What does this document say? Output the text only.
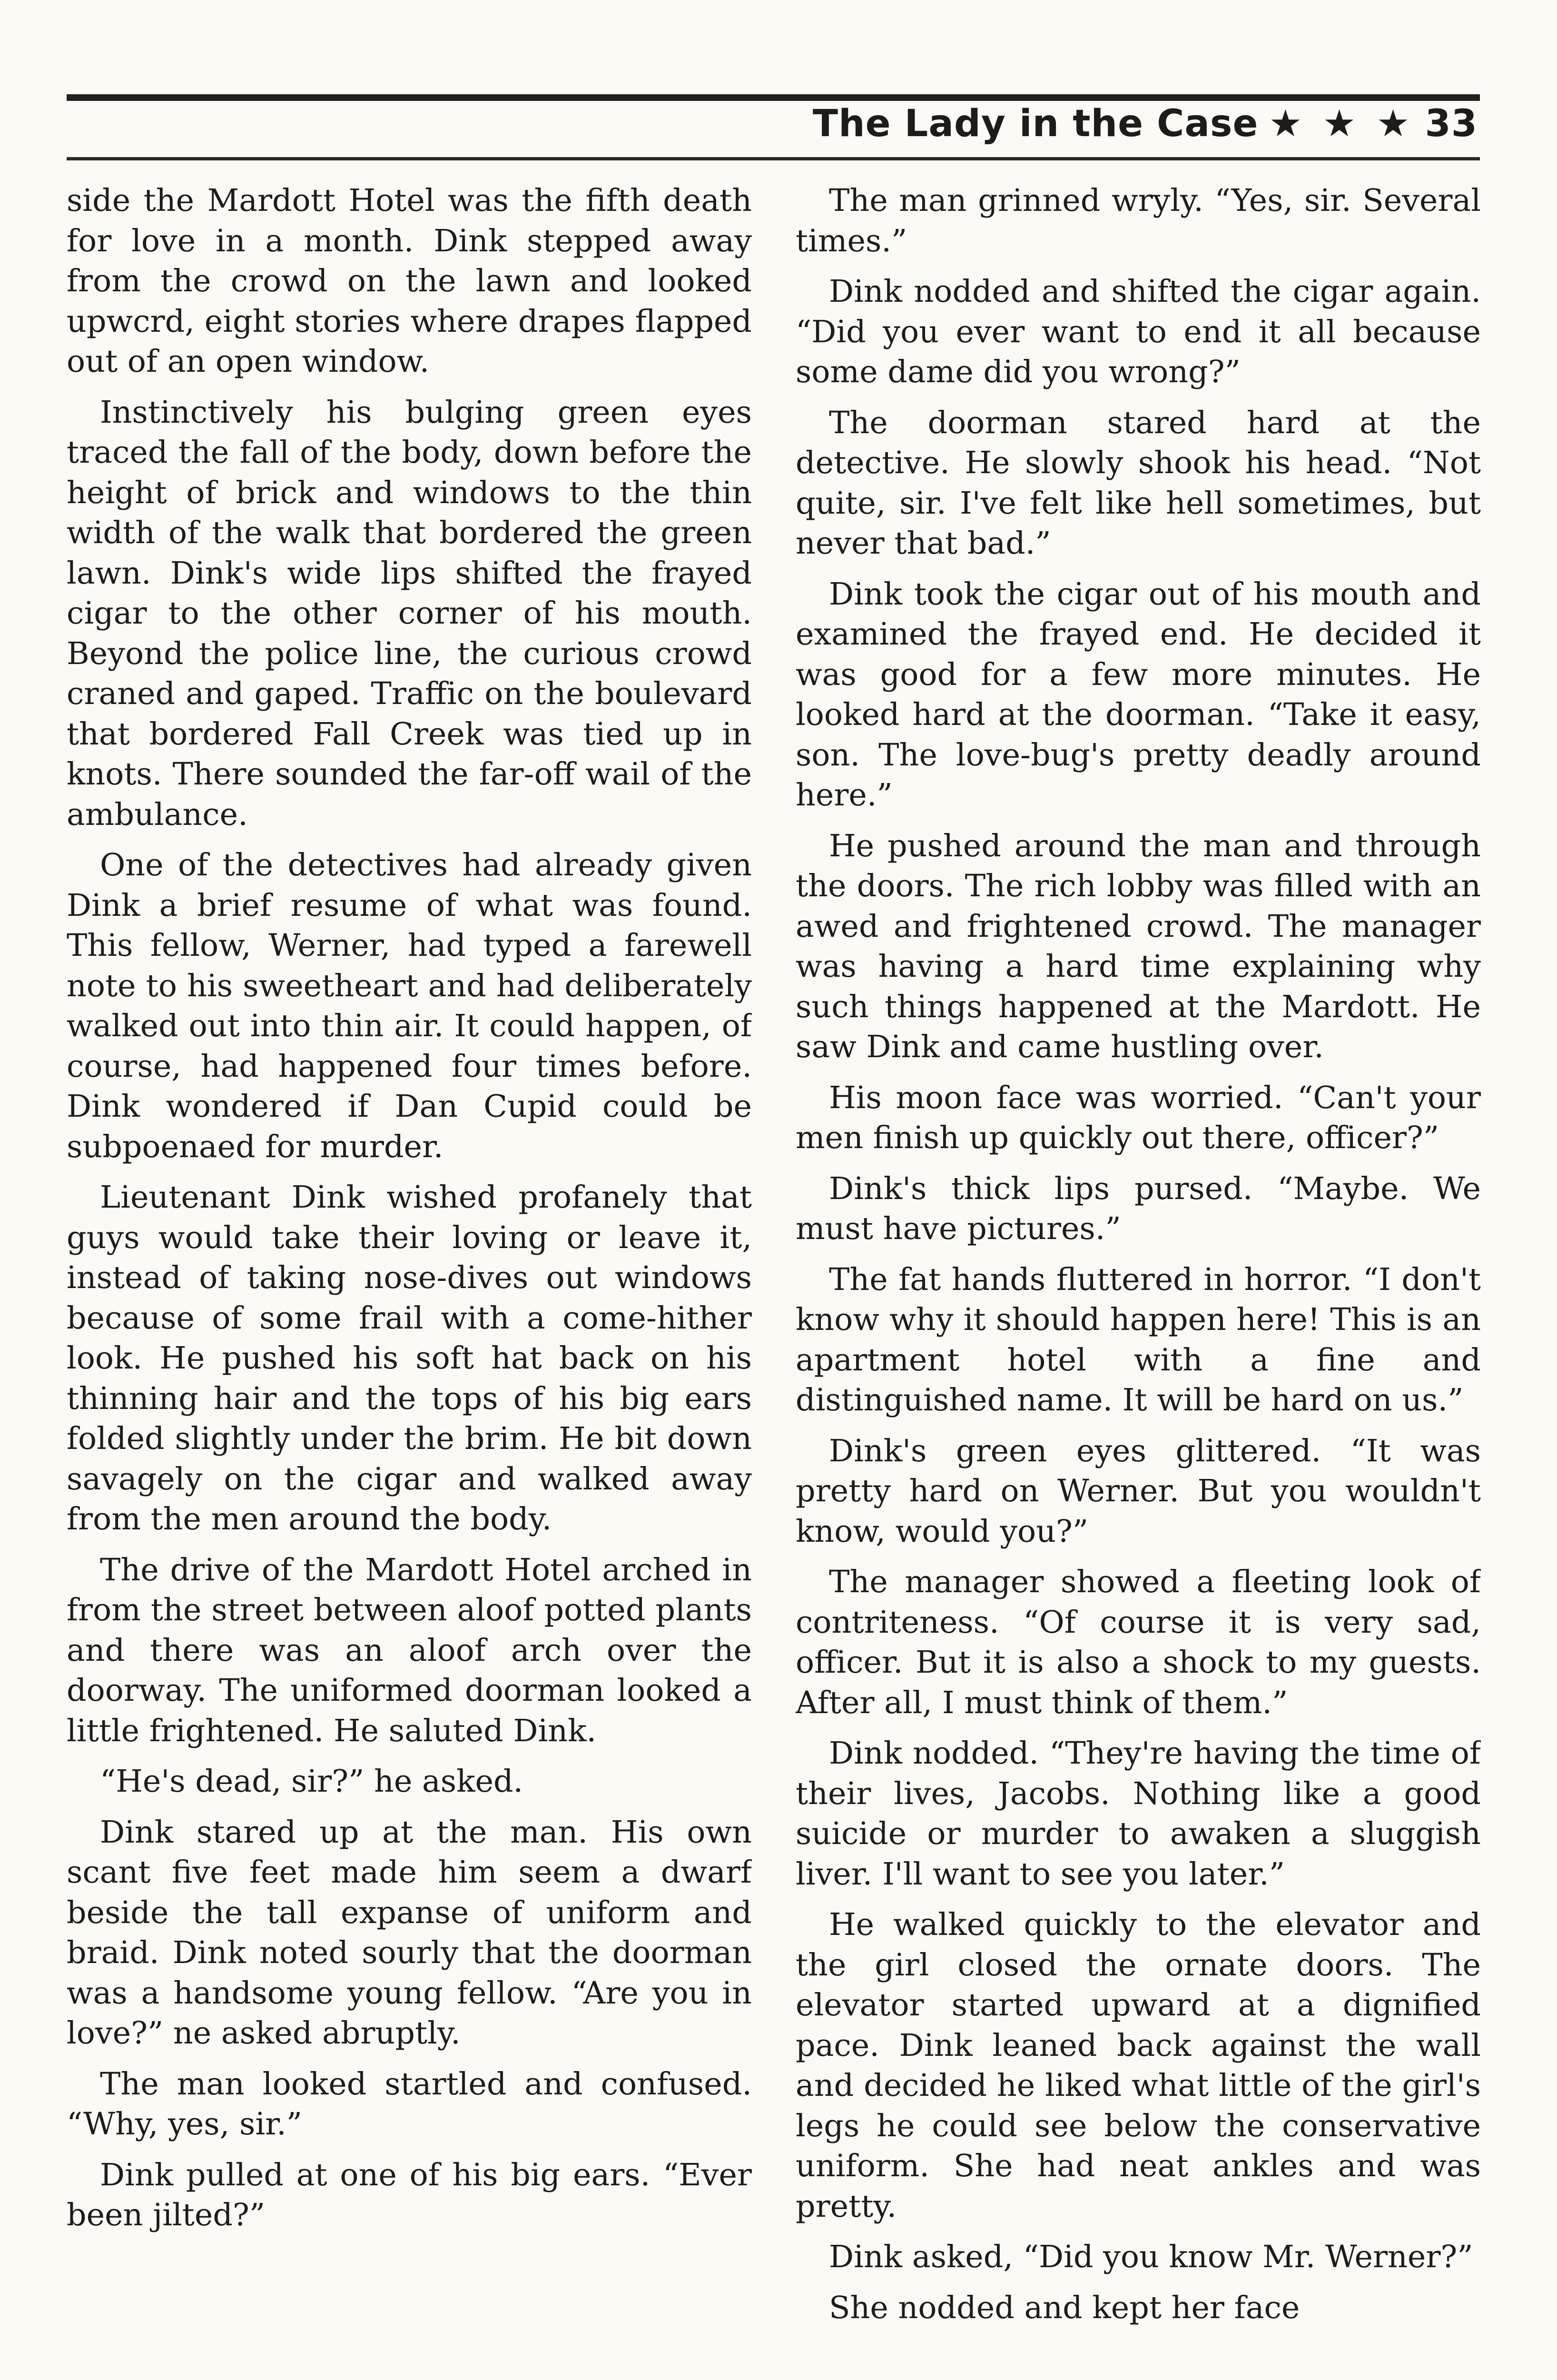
The Lady in the Case ★ ★ ★ 33

side the Mardott Hotel was the fifth death for love in a month. Dink stepped away from the crowd on the lawn and looked upwcrd, eight stories where drapes flapped out of an open window.

Instinctively his bulging green eyes traced the fall of the body, down before the height of brick and windows to the thin width of the walk that bordered the green lawn. Dink's wide lips shifted the frayed cigar to the other corner of his mouth. Beyond the police line, the curious crowd craned and gaped. Traffic on the boulevard that bordered Fall Creek was tied up in knots. There sounded the far-off wail of the ambulance.

One of the detectives had already given Dink a brief resume of what was found. This fellow, Werner, had typed a farewell note to his sweetheart and had deliberately walked out into thin air. It could happen, of course, had happened four times before. Dink wondered if Dan Cupid could be subpoenaed for murder.

Lieutenant Dink wished profanely that guys would take their loving or leave it, instead of taking nose-dives out windows because of some frail with a come-hither look. He pushed his soft hat back on his thinning hair and the tops of his big ears folded slightly under the brim. He bit down savagely on the cigar and walked away from the men around the body.

The drive of the Mardott Hotel arched in from the street between aloof potted plants and there was an aloof arch over the doorway. The uniformed doorman looked a little frightened. He saluted Dink.

“He's dead, sir?” he asked.

Dink stared up at the man. His own scant five feet made him seem a dwarf beside the tall expanse of uniform and braid. Dink noted sourly that the doorman was a handsome young fellow. “Are you in love?” ne asked abruptly.

The man looked startled and confused. “Why, yes, sir.”

Dink pulled at one of his big ears. “Ever been jilted?”

The man grinned wryly. “Yes, sir. Several times.”

Dink nodded and shifted the cigar again. “Did you ever want to end it all because some dame did you wrong?”

The doorman stared hard at the detective. He slowly shook his head. “Not quite, sir. I've felt like hell sometimes, but never that bad.”

Dink took the cigar out of his mouth and examined the frayed end. He decided it was good for a few more minutes. He looked hard at the doorman. “Take it easy, son. The love-bug's pretty deadly around here.”

He pushed around the man and through the doors. The rich lobby was filled with an awed and frightened crowd. The manager was having a hard time explaining why such things happened at the Mardott. He saw Dink and came hustling over.

His moon face was worried. “Can't your men finish up quickly out there, officer?”

Dink's thick lips pursed. “Maybe. We must have pictures.”

The fat hands fluttered in horror. “I don't know why it should happen here! This is an apartment hotel with a fine and distinguished name. It will be hard on us.”

Dink's green eyes glittered. “It was pretty hard on Werner. But you wouldn't know, would you?”

The manager showed a fleeting look of contriteness. “Of course it is very sad, officer. But it is also a shock to my guests. After all, I must think of them.”

Dink nodded. “They're having the time of their lives, Jacobs. Nothing like a good suicide or murder to awaken a sluggish liver. I'll want to see you later.”

He walked quickly to the elevator and the girl closed the ornate doors. The elevator started upward at a dignified pace. Dink leaned back against the wall and decided he liked what little of the girl's legs he could see below the conservative uniform. She had neat ankles and was pretty.

Dink asked, “Did you know Mr. Werner?”

She nodded and kept her face
